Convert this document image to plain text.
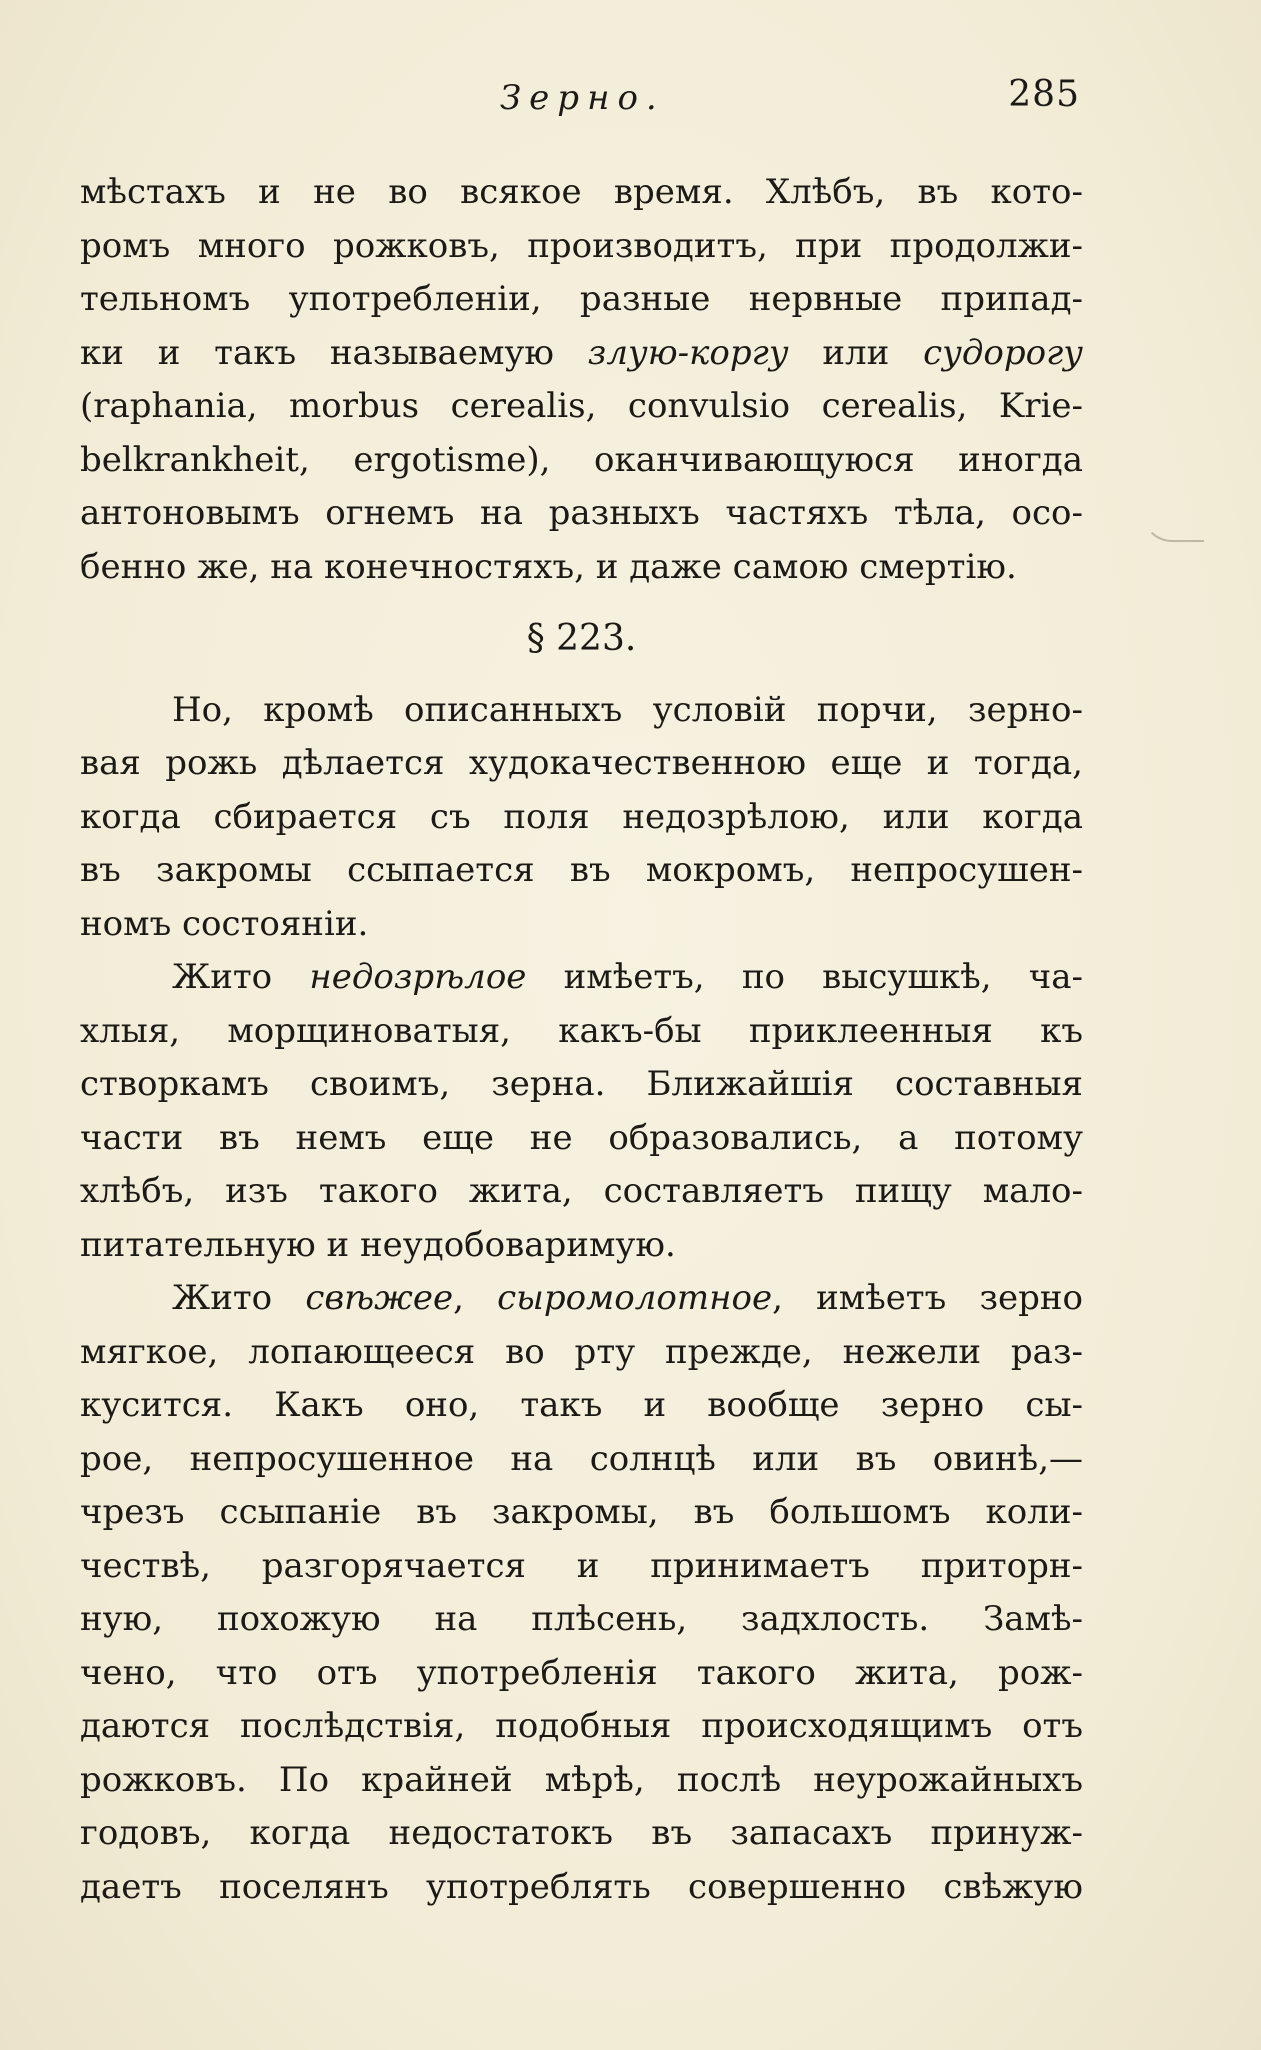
Зерно.	285
мѣстахъ и не во всякое время. Хлѣбъ, въ кото-
ромъ много рожковъ, производитъ, при продолжи-
тельномъ употребленіи, разные нервные припад-
ки и такъ называемую злую-коргу или судорогу
(raphania, morbus cerealis, convulsio cerealis, Krie-
belkrankheit, ergotisme), оканчивающуюся иногда
антоновымъ огнемъ на разныхъ частяхъ тѣла, осо-
бенно же, на конечностяхъ, и даже самою смертію.
§ 223.
Но, кромѣ описанныхъ условій порчи, зерно-
вая рожь дѣлается худокачественною еще и тогда,
когда сбирается съ поля недозрѣлою, или когда
въ закромы ссыпается въ мокромъ, непросушен-
номъ состояніи.
Жито недозрѣлое имѣетъ, по высушкѣ, ча-
хлыя, морщиноватыя, какъ-бы приклеенныя къ
створкамъ своимъ, зерна. Ближайшія составныя
части въ немъ еще не образовались, а потому
хлѣбъ, изъ такого жита, составляетъ пищу мало-
питательную и неудобоваримую.
Жито свѣжее, сыромолотное, имѣетъ зерно
мягкое, лопающееся во рту прежде, нежели раз-
кусится. Какъ оно, такъ и вообще зерно сы-
рое, непросушенное на солнцѣ или въ овинѣ,—
чрезъ ссыпаніе въ закромы, въ большомъ коли-
чествѣ, разгорячается и принимаетъ приторн-
ную, похожую на плѣсень, задхлость. Замѣ-
чено, что отъ употребленія такого жита, рож-
даются послѣдствія, подобныя происходящимъ отъ
рожковъ. По крайней мѣрѣ, послѣ неурожайныхъ
годовъ, когда недостатокъ въ запасахъ принуж-
даетъ поселянъ употреблять совершенно свѣжую
